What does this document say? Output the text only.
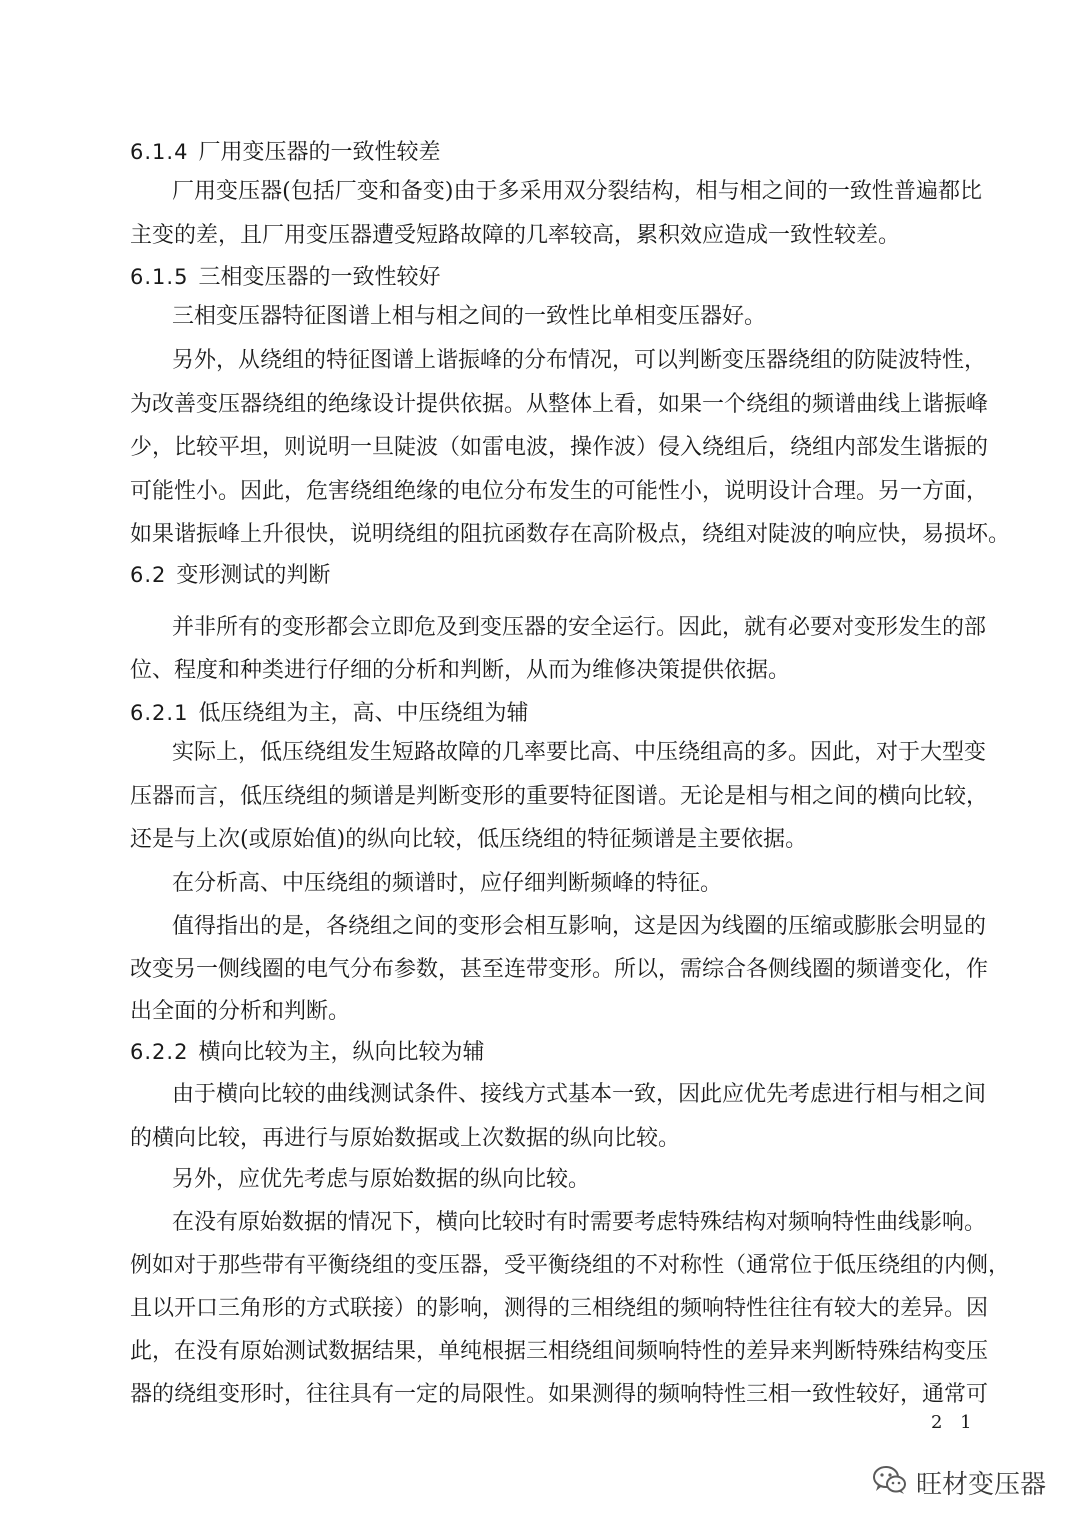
6.1.4 厂用变压器的一致性较差
厂用变压器(包括厂变和备变)由于多采用双分裂结构，相与相之间的一致性普遍都比
主变的差，且厂用变压器遭受短路故障的几率较高，累积效应造成一致性较差。
6.1.5 三相变压器的一致性较好
三相变压器特征图谱上相与相之间的一致性比单相变压器好。
另外，从绕组的特征图谱上谐振峰的分布情况，可以判断变压器绕组的防陡波特性，
为改善变压器绕组的绝缘设计提供依据。从整体上看，如果一个绕组的频谱曲线上谐振峰
少，比较平坦，则说明一旦陡波（如雷电波，操作波）侵入绕组后，绕组内部发生谐振的
可能性小。因此，危害绕组绝缘的电位分布发生的可能性小，说明设计合理。另一方面，
如果谐振峰上升很快，说明绕组的阻抗函数存在高阶极点，绕组对陡波的响应快，易损坏。
6.2 变形测试的判断
并非所有的变形都会立即危及到变压器的安全运行。因此，就有必要对变形发生的部
位、程度和种类进行仔细的分析和判断，从而为维修决策提供依据。
6.2.1 低压绕组为主，高、中压绕组为辅
实际上，低压绕组发生短路故障的几率要比高、中压绕组高的多。因此，对于大型变
压器而言，低压绕组的频谱是判断变形的重要特征图谱。无论是相与相之间的横向比较，
还是与上次(或原始值)的纵向比较，低压绕组的特征频谱是主要依据。
在分析高、中压绕组的频谱时，应仔细判断频峰的特征。
值得指出的是，各绕组之间的变形会相互影响，这是因为线圈的压缩或膨胀会明显的
改变另一侧线圈的电气分布参数，甚至连带变形。所以，需综合各侧线圈的频谱变化，作
出全面的分析和判断。
6.2.2 横向比较为主，纵向比较为辅
由于横向比较的曲线测试条件、接线方式基本一致，因此应优先考虑进行相与相之间
的横向比较，再进行与原始数据或上次数据的纵向比较。
另外，应优先考虑与原始数据的纵向比较。
在没有原始数据的情况下，横向比较时有时需要考虑特殊结构对频响特性曲线影响。
例如对于那些带有平衡绕组的变压器，受平衡绕组的不对称性（通常位于低压绕组的内侧，
且以开口三角形的方式联接）的影响，测得的三相绕组的频响特性往往有较大的差异。因
此，在没有原始测试数据结果，单纯根据三相绕组间频响特性的差异来判断特殊结构变压
器的绕组变形时，往往具有一定的局限性。如果测得的频响特性三相一致性较好，通常可
2 1
旺材变压器
